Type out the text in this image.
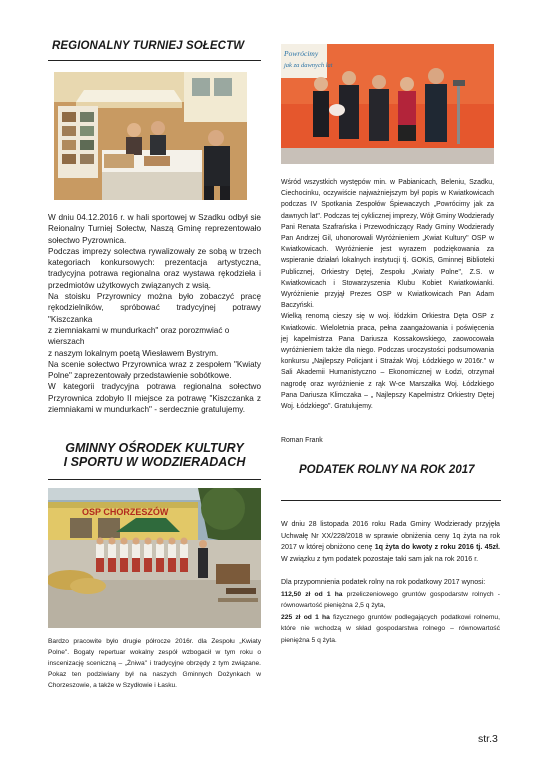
REGIONALNY TURNIEJ SOŁECTW
W dniu 04.12.2016 r. w hali sportowej w Szadku odbył sie Reionalny Turniej Sołectw, Naszą Gminę reprezentowało sołectwo Pyzrownica.
Podczas imprezy solectwa rywalizowały ze sobą w trzech kategoriach konkursowych: prezentacja artystyczna, tradycyjna potrawa regionalna oraz wystawa rękodzieła i przedmiotów użytkowych związanych z wsią.
Na stoisku Przyrownicy można było zobaczyć pracę rękodzielników, spróbować tradycyjnej potrawy "Kiszczanka
z ziemniakami w mundurkach" oraz porozmwiać o wierszach
z naszym lokalnym poetą Wiesławem Bystrym.
Na scenie sołectwo Przyrownica wraz z zespołem "Kwiaty Polne" zaprezentowały przedstawienie sobótkowe.
W kategorii tradycyjna potrawa regionalna sołectwo Przyrownica zdobyło II miejsce za potrawę "Kiszczanka z ziemniakami w mundurkach" - serdecznie gratulujemy.
GMINNY OŚRODEK KULTURY
I SPORTU W WODZIERADACH
OSP CHORZESZÓW
Bardzo pracowite było drugie półrocze 2016r. dla Zespołu „Kwiaty Polne". Bogaty repertuar wokalny zespół wzbogacił w tym roku o inscenizację sceniczną – „Żniwa" i tradycyjne obrzędy z tym związane. Pokaz ten podziwiany był na naszych Gminnych Dożynkach w Chorzeszowie, a także w Szydłowie i Łasku.
Powrócimy
jak za dawnych lat
Wśród wszystkich występów min. w Pabianicach, Beleniu, Szadku, Ciechocinku, oczywiście najważniejszym był popis w Kwiatkowicach podczas IV Spotkania Zespołów Śpiewaczych „Powrócimy jak za dawnych lat". Podczas tej cyklicznej imprezy, Wójt Gminy Wodzierady Pani Renata Szafrańska i Przewodniczący Rady Gminy Wodzierady Pan Andrzej Gil, uhonorowali Wyróżnieniem „Kwiat Kultury" OSP w Kwiatkowicach. Wyróżnienie jest wyrazem podziękowania za wspieranie działań lokalnych instytucji tj. GOKiS, Gminnej Biblioteki Publicznej, Orkiestry Dętej, Zespołu „Kwiaty Polne", Z.S. w Kwiatkowicach i Stowarzyszenia Klubu Kobiet Kwiatkowianki. Wyróżnienie przyjął Prezes OSP w Kwiatkowicach Pan Adam Baczyński.
Wielką renomą cieszy się w woj. łódzkim Orkiestra Dęta OSP z Kwiatkowic. Wieloletnia praca, pełna zaangażowania i poświęcenia jej kapelmistrza Pana Dariusza Kossakowskiego, zaowocowała wyróżnieniem także dla niego. Podczas uroczystości podsumowania konkursu „Najlepszy Policjant i Strażak Woj. Łódzkiego w 2016r." w Sali Akademii Humanistyczno – Ekonomicznej w Łodzi, otrzymał nagrodę oraz wyróżnienie z rąk W-ce Marszałka Woj. Łódzkiego Pana Dariusza Klimczaka – „ Najlepszy Kapelmistrz Orkiestry Dętej Woj. Łódzkiego". Gratulujemy.
Roman Frank
PODATEK ROLNY NA ROK 2017
W dniu 28 listopada 2016 roku Rada Gminy Wodzierady przyjęła Uchwałę Nr XX/228/2018 w sprawie obniżenia ceny 1q żyta na rok 2017 w której obniżono cenę 1q żyta do kwoty z roku 2016 tj. 45zł. W związku z tym podatek pozostaje taki sam jak na rok 2016 r.
Dla przypomnienia podatek rolny na rok podatkowy 2017 wynosi:
112,50 zł od 1 ha przeliczeniowego gruntów gospodarstw rolnych - równowartość pieniężna 2,5 q żyta,
225 zł od 1 ha fizycznego gruntów podlegających podatkowi rolnemu, które nie wchodzą w skład gospodarstwa rolnego – równowartość pieniężna 5 q żyta.
str.3
